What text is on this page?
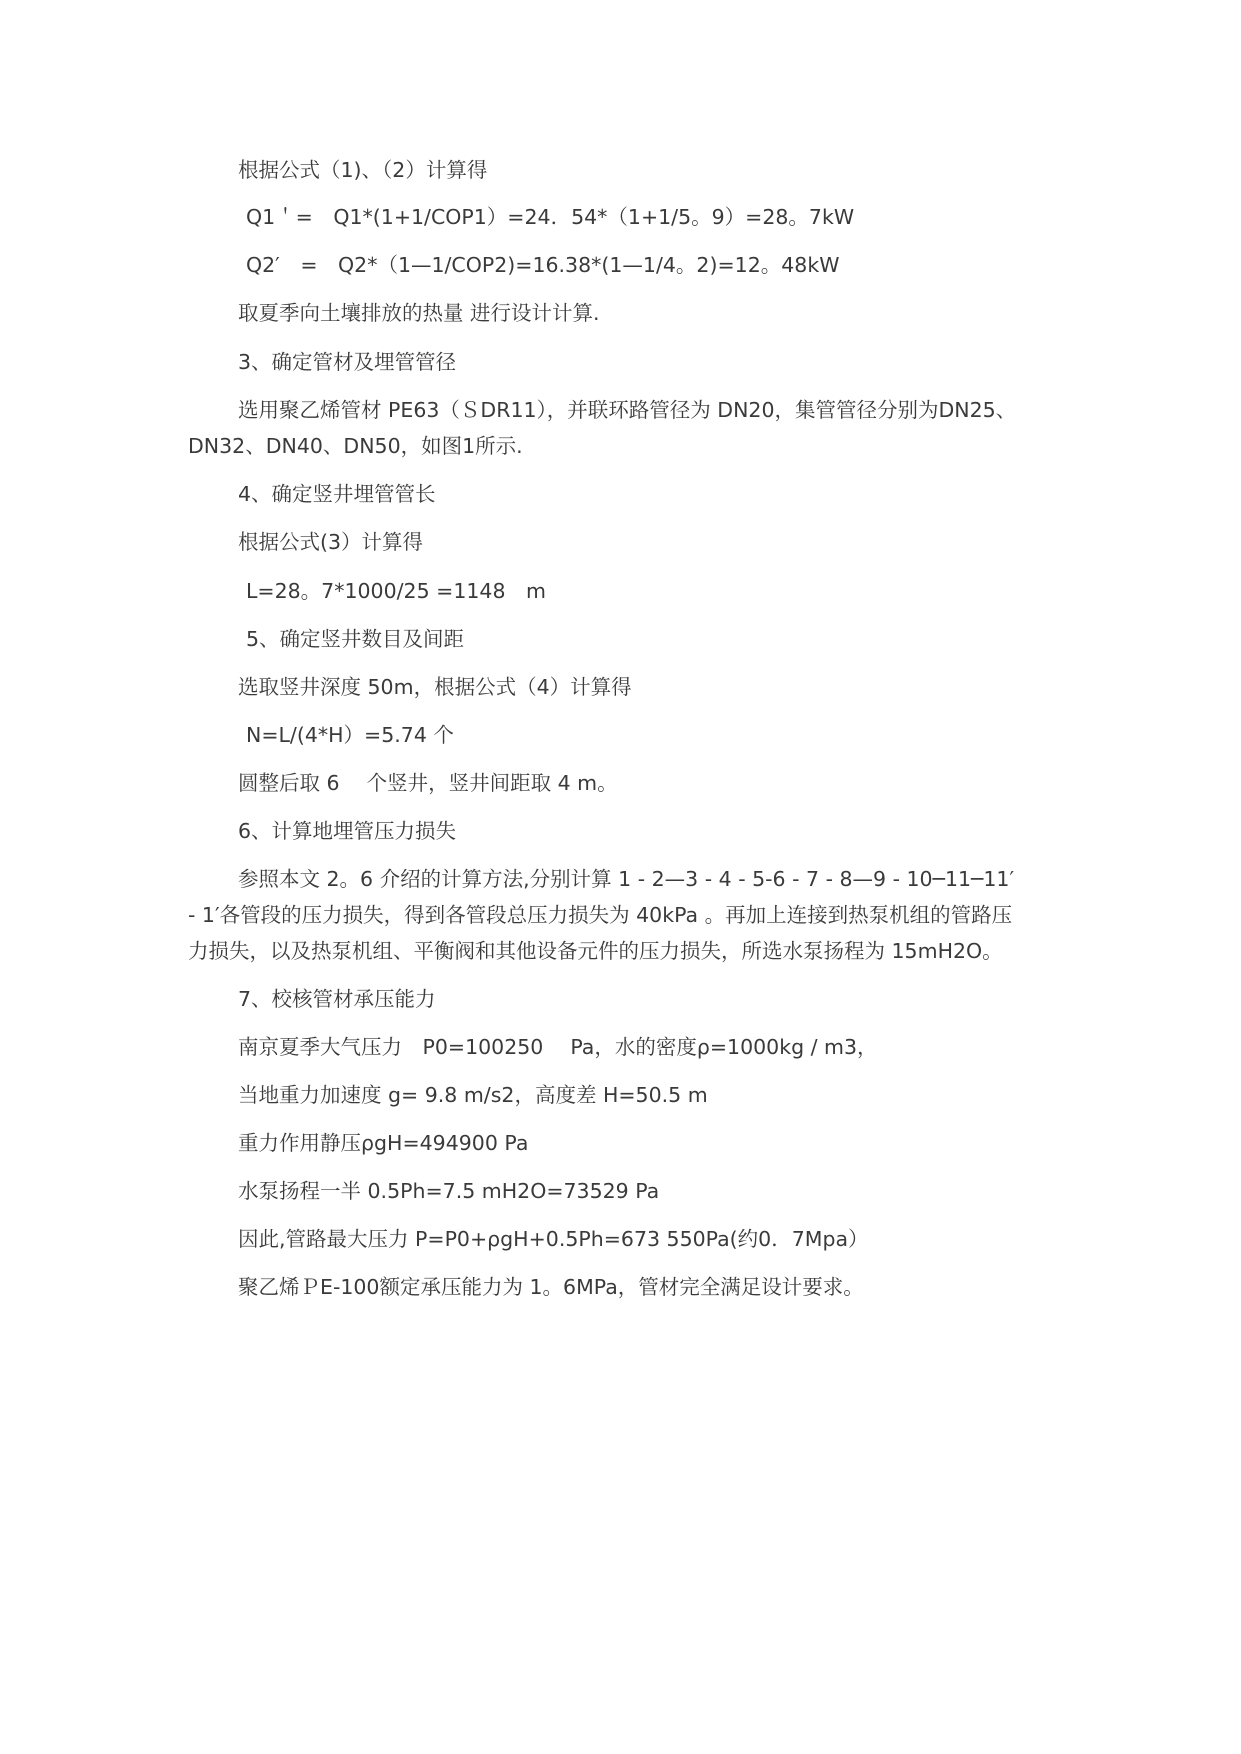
根据公式（1)、（2）计算得
Q1＇=　Q1*(1+1/COP1）=24．54*（1+1/5。9）=28。7kW
Q2′　=　Q2*（1—1/COP2)=16.38*(1—1/4。2)=12。48kW
取夏季向土壤排放的热量 进行设计计算.
3、确定管材及埋管管径
选用聚乙烯管材 PE63（ＳDR11），并联环路管径为 DN20，集管管径分别为DN25、
DN32、DN40、DN50，如图1所示.
4、确定竖井埋管管长
根据公式(3）计算得
L=28。7*1000/25 =1148　m
5、确定竖井数目及间距
选取竖井深度 50m，根据公式（4）计算得
N=L/(4*H）=5.74 个
圆整后取 6　 个竖井，竖井间距取 4 m。
6、计算地埋管压力损失
参照本文 2。6 介绍的计算方法,分别计算 1 - 2—3 - 4 - 5-6 - 7 - 8—9 - 10─11─11′
- 1′各管段的压力损失，得到各管段总压力损失为 40kPa 。再加上连接到热泵机组的管路压
力损失，以及热泵机组、平衡阀和其他设备元件的压力损失，所选水泵扬程为 15mH2O。
7、校核管材承压能力
南京夏季大气压力　P0=100250　 Pa，水的密度ρ=1000kg / m3，
当地重力加速度 g= 9.8 m/s2，高度差 H=50.5 m
重力作用静压ρgH=494900 Pa
水泵扬程一半 0.5Ph=7.5 mH2O=73529 Pa
因此,管路最大压力 P=P0+ρgH+0.5Ph=673 550Pa(约0．7Mpa）
聚乙烯ＰE-100额定承压能力为 1。6MPa，管材完全满足设计要求。
